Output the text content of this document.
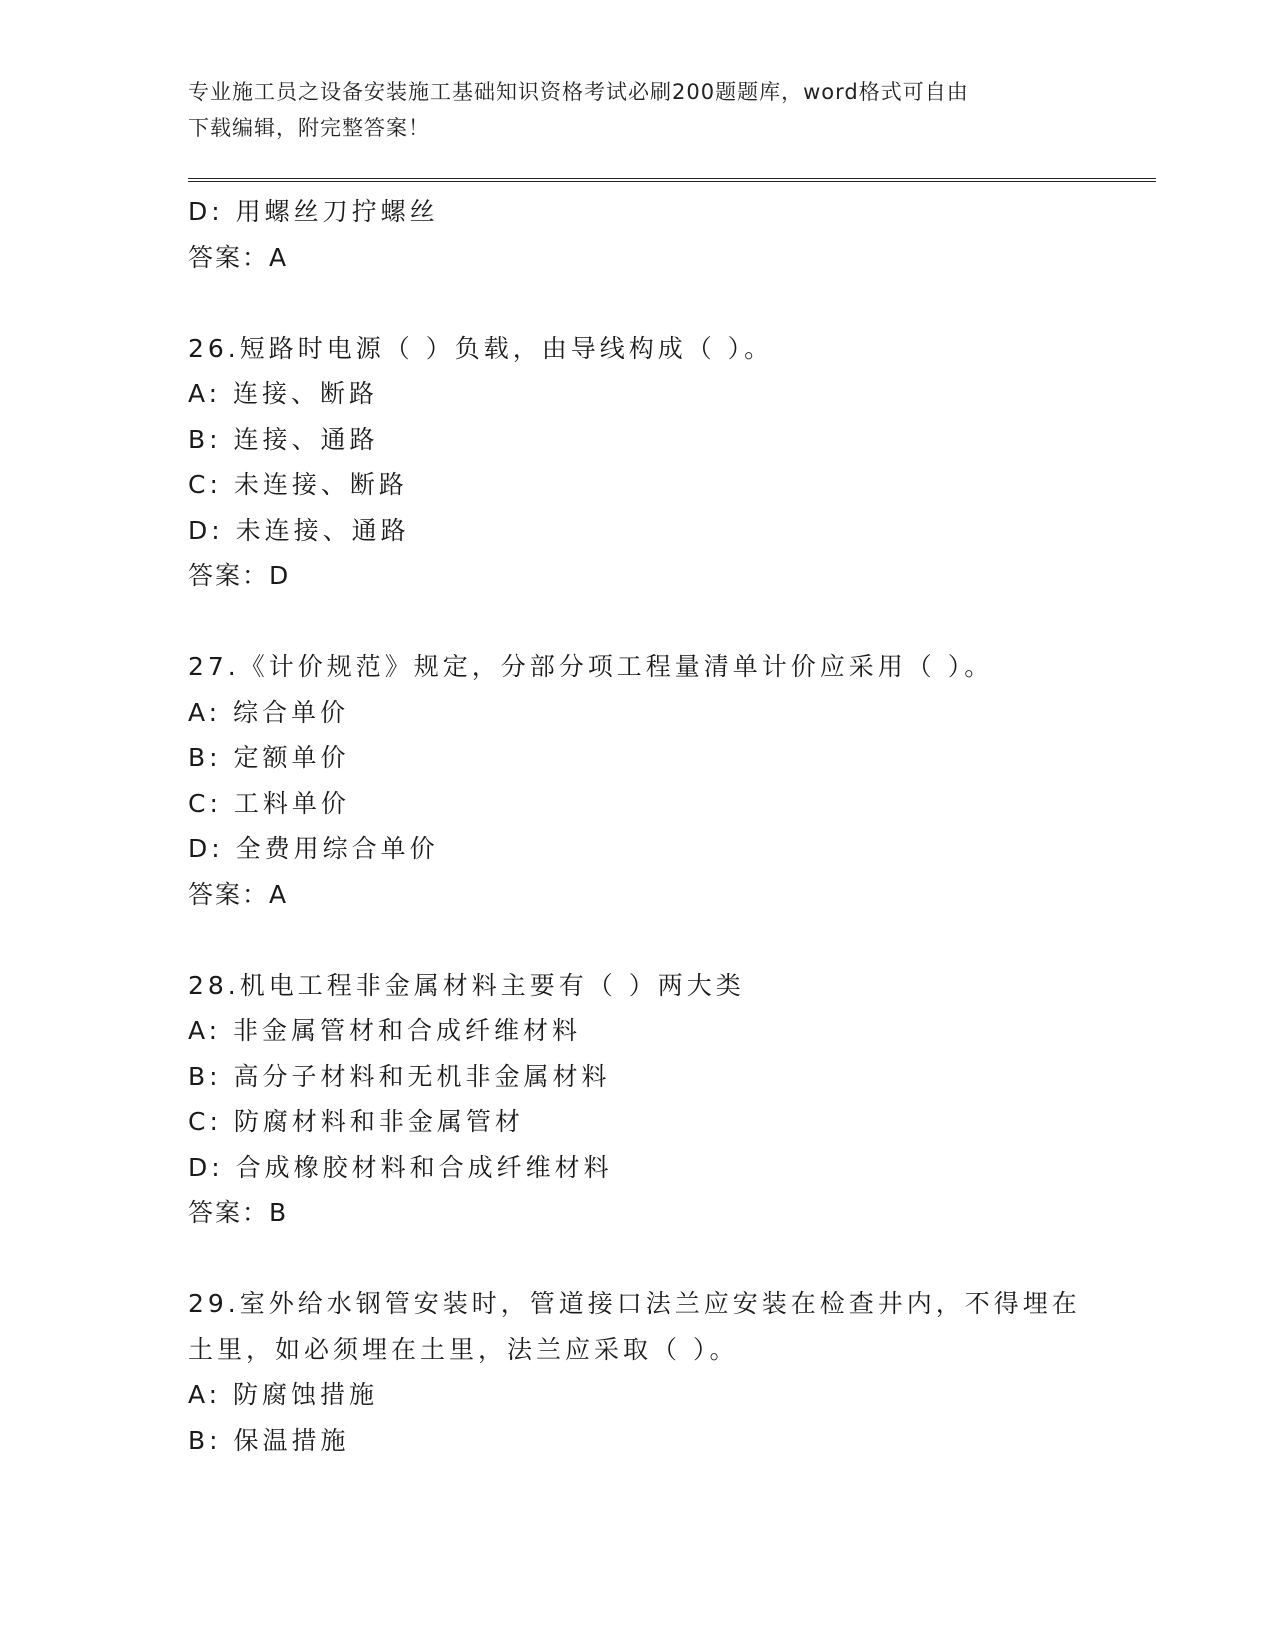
专业施工员之设备安装施工基础知识资格考试必刷200题题库，word格式可自由
下载编辑，附完整答案！
D: 用螺丝刀拧螺丝
答案：A
26.短路时电源（ ）负载，由导线构成（ ）。
A: 连接、断路
B: 连接、通路
C: 未连接、断路
D: 未连接、通路
答案：D
27.《计价规范》规定，分部分项工程量清单计价应采用（ ）。
A: 综合单价
B: 定额单价
C: 工料单价
D: 全费用综合单价
答案：A
28.机电工程非金属材料主要有（ ）两大类
A: 非金属管材和合成纤维材料
B: 高分子材料和无机非金属材料
C: 防腐材料和非金属管材
D: 合成橡胶材料和合成纤维材料
答案：B
29.室外给水钢管安装时，管道接口法兰应安装在检查井内，不得埋在
土里，如必须埋在土里，法兰应采取（ ）。
A: 防腐蚀措施
B: 保温措施
